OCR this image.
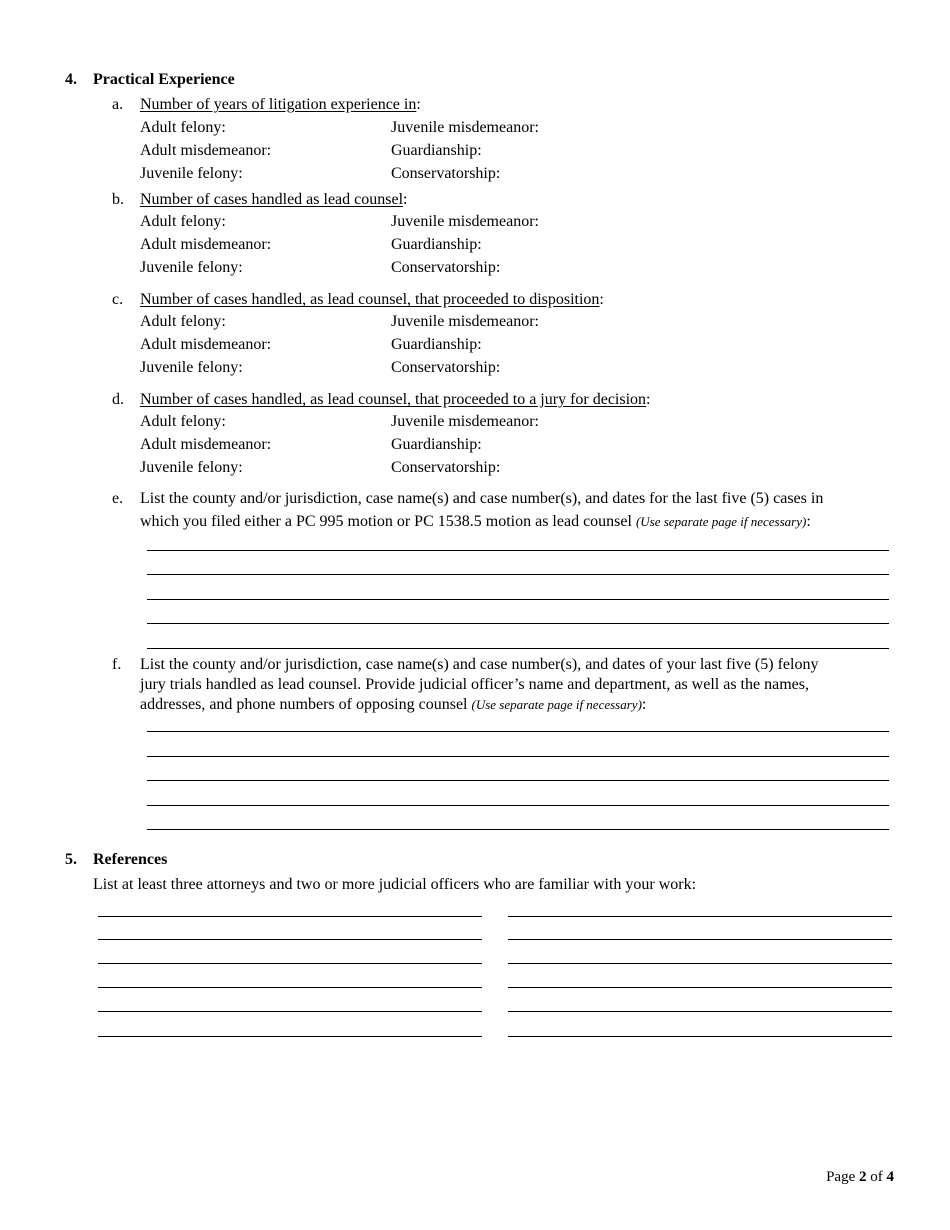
4. Practical Experience
a. Number of years of litigation experience in:
Adult felony:
Adult misdemeanor:
Juvenile felony:
Juvenile misdemeanor:
Guardianship:
Conservatorship:
b. Number of cases handled as lead counsel:
Adult felony:
Adult misdemeanor:
Juvenile felony:
Juvenile misdemeanor:
Guardianship:
Conservatorship:
c. Number of cases handled, as lead counsel, that proceeded to disposition:
Adult felony:
Adult misdemeanor:
Juvenile felony:
Juvenile misdemeanor:
Guardianship:
Conservatorship:
d. Number of cases handled, as lead counsel, that proceeded to a jury for decision:
Adult felony:
Adult misdemeanor:
Juvenile felony:
Juvenile misdemeanor:
Guardianship:
Conservatorship:
e. List the county and/or jurisdiction, case name(s) and case number(s), and dates for the last five (5) cases in
which you filed either a PC 995 motion or PC 1538.5 motion as lead counsel (Use separate page if necessary):
f. List the county and/or jurisdiction, case name(s) and case number(s), and dates of your last five (5) felony
jury trials handled as lead counsel. Provide judicial officer’s name and department, as well as the names,
addresses, and phone numbers of opposing counsel (Use separate page if necessary):
5. References
List at least three attorneys and two or more judicial officers who are familiar with your work:
Page 2 of 4
